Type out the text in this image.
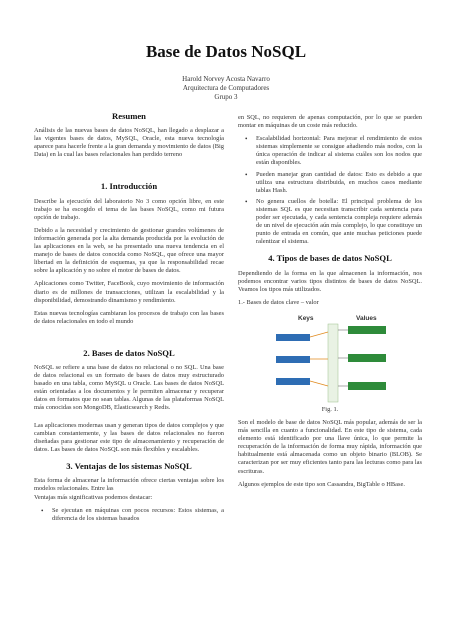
Base de Datos NoSQL
Harold Norvey Acosta Navarro
Arquitectura de Computadores
Grupo 3
Resumen

Análisis de las nuevas bases de datos NoSQL, han llegado a desplazar a las vigentes bases de datos, MySQL, Oracle, esta nueva tecnología aparece para hacerle frente a la gran demanda y movimiento de datos (Big Data) en la cual las bases relacionales han perdido terreno

1. Introducción

Describe la ejecución del laboratorio No 3 como opción libre, en este trabajo se ha escogido el tema de las bases NoSQL, como mi futura opción de trabajo.

Debido a la necesidad y crecimiento de gestionar grandes volúmenes de información generada por la alta demanda producida por la evolución de las aplicaciones en la web, se ha presentado una nueva tendencia en el manejo de bases de datos conocida como NoSQL, que ofrece una mayor libertad en la definición de esquemas, ya que la responsabilidad recae sobre la aplicación y no sobre el motor de bases de datos.

Aplicaciones como Twitter, FaceBook, cuyo movimiento de información diario es de millones de transacciones, utilizan la escalabilidad y la disponibilidad, demostrando dinamismo y rendimiento.

Estas nuevas tecnologías cambiaran los procesos de trabajo con las bases de datos relacionales en todo el mundo

2. Bases de datos NoSQL

NoSQL se refiere a una base de datos no relacional o no SQL. Una base de datos relacional es un formato de bases de datos muy estructurado basado en una tabla, como MySQL u Oracle. Las bases de datos NoSQL están orientadas a los documentos y le permiten almacenar y recuperar datos en formatos que no sean tablas. Algunas de las plataformas NoSQL más conocidas son MongoDB, Elasticsearch y Redis.

Las aplicaciones modernas usan y generan tipos de datos complejos y que cambian constantemente, y las bases de datos relacionales no fueron diseñadas para gestionar este tipo de almacenamiento y recuperación de datos. Las bases de datos NoSQL son más flexibles y escalables.

3. Ventajas de los sistemas NoSQL

Esta forma de almacenar la información ofrece ciertas ventajas sobre los modelos relacionales. Entre las

Ventajas más significativas podemos destacar:

• Se ejecutan en máquinas con pocos recursos: Estos sistemas, a diferencia de los sistemas basados

en SQL, no requieren de apenas computación, por lo que se pueden montar en máquinas de un coste más reducido.

• Escalabilidad horizontal: Para mejorar el rendimiento de estos sistemas simplemente se consigue añadiendo más nodos, con la única operación de indicar al sistema cuáles son los nodos que están disponibles.
• Pueden manejar gran cantidad de datos: Esto es debido a que utiliza una estructura distribuida, en muchos casos mediante tablas Hash.
• No genera cuellos de botella: El principal problema de los sistemas SQL es que necesitan transcribir cada sentencia para poder ser ejecutada, y cada sentencia compleja requiere además de un nivel de ejecución aún más complejo, lo que constituye un punto de entrada en común, que ante muchas peticiones puede ralentizar el sistema.
4. Tipos de bases de datos NoSQL

Dependiendo de la forma en la que almacenen la información, nos podemos encontrar varios tipos distintos de bases de datos NoSQL. Veamos los tipos más utilizados.

1.- Bases de datos clave – valor

Keys	Values

Fig. 1.

Son el modelo de base de datos NoSQL más popular, además de ser la más sencilla en cuanto a funcionalidad. En este tipo de sistema, cada elemento está identificado por una llave única, lo que permite la recuperación de la información de forma muy rápida, información que habitualmente está almacenada como un objeto binario (BLOB). Se caracterizan por ser muy eficientes tanto para las lecturas como para las escrituras.

Algunos ejemplos de este tipo son Cassandra, BigTable o HBase.
